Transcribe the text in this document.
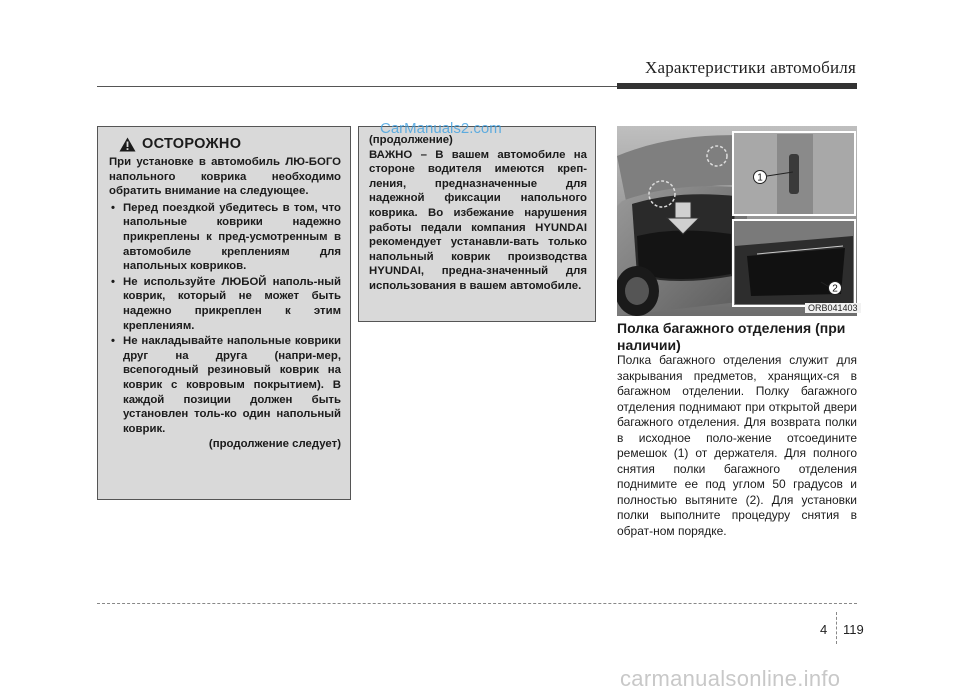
Характеристики автомобиля
ОСТОРОЖНО
При установке в автомобиль ЛЮ-БОГО напольного коврика необходимо обратить внимание на следующее.
• Перед поездкой убедитесь в том, что напольные коврики надежно прикреплены к пред-усмотренным в автомобиле креплениям для напольных ковриков.
• Не используйте ЛЮБОЙ наполь-ный коврик, который не может быть надежно прикреплен к этим креплениям.
• Не накладывайте напольные коврики друг на друга (напри-мер, всепогодный резиновый коврик на коврик с ковровым покрытием). В каждой позиции должен быть установлен толь-ко один напольный коврик.
(продолжение следует)
(продолжение)
ВАЖНО – В вашем автомобиле на стороне водителя имеются креп-ления, предназначенные для надежной фиксации напольного коврика. Во избежание нарушения работы педали компания HYUNDAI рекомендует устанавли-вать только напольный коврик производства HYUNDAI, предна-значенный для использования в вашем автомобиле.
CarManuals2.com
1
2
ORB041403
Полка багажного отделения (при наличии)
Полка багажного отделения служит для закрывания предметов, хранящих-ся в багажном отделении. Полку багажного отделения поднимают при открытой двери багажного отделения. Для возврата полки в исходное поло-жение отсоедините ремешок (1) от держателя. Для полного снятия полки багажного отделения поднимите ее под углом 50 градусов и полностью вытяните (2). Для установки полки выполните процедуру снятия в обрат-ном порядке.
4 119
carmanualsonline.info
